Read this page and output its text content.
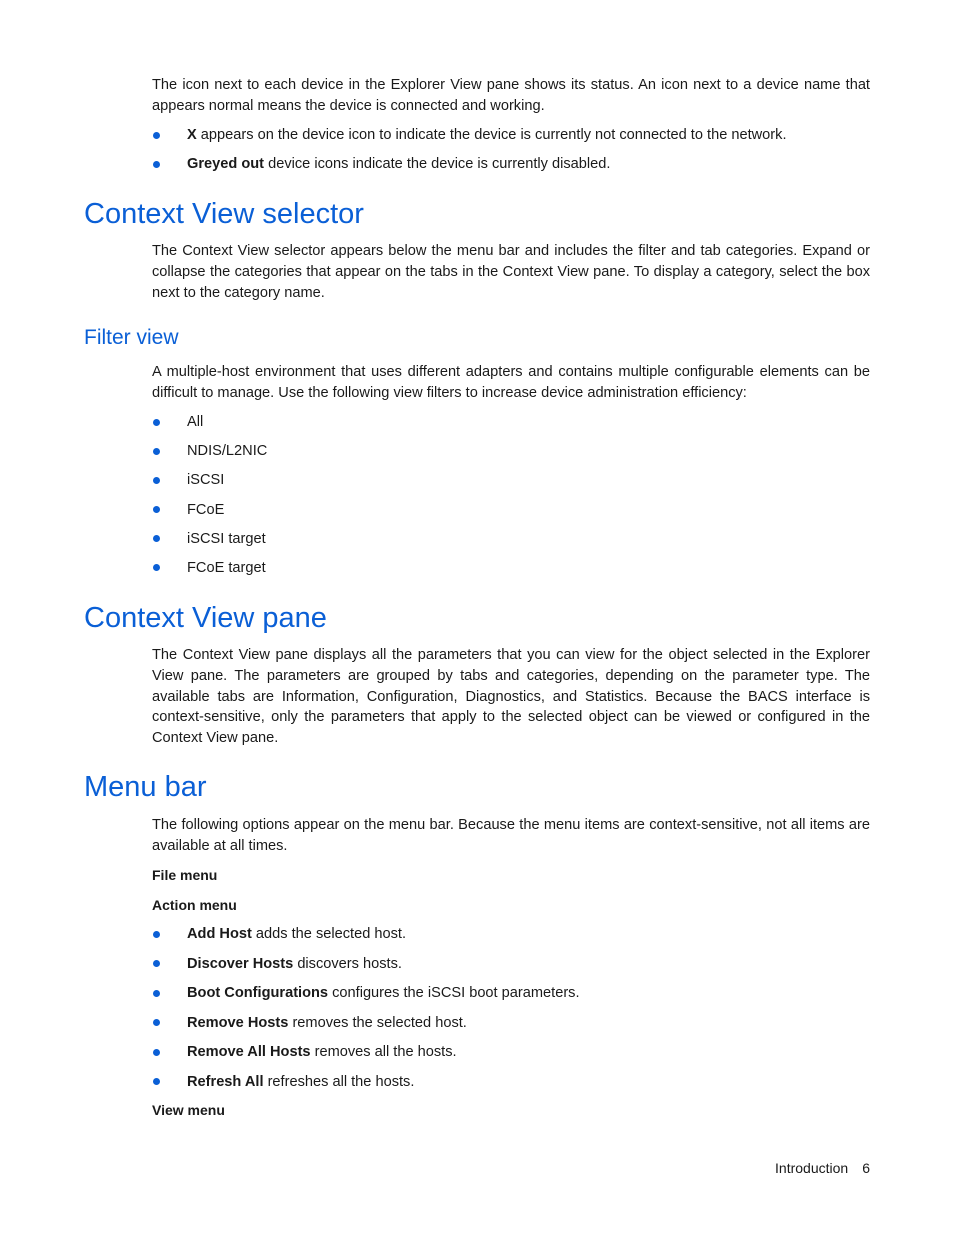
The icon next to each device in the Explorer View pane shows its status. An icon next to a device name that appears normal means the device is connected and working.

X appears on the device icon to indicate the device is currently not connected to the network.
Greyed out device icons indicate the device is currently disabled.
Context View selector

The Context View selector appears below the menu bar and includes the filter and tab categories. Expand or collapse the categories that appear on the tabs in the Context View pane. To display a category, select the box next to the category name.

Filter view

A multiple-host environment that uses different adapters and contains multiple configurable elements can be difficult to manage. Use the following view filters to increase device administration efficiency:

All
NDIS/L2NIC
iSCSI
FCoE
iSCSI target
FCoE target
Context View pane

The Context View pane displays all the parameters that you can view for the object selected in the Explorer View pane. The parameters are grouped by tabs and categories, depending on the parameter type. The available tabs are Information, Configuration, Diagnostics, and Statistics. Because the BACS interface is context-sensitive, only the parameters that apply to the selected object can be viewed or configured in the Context View pane.

Menu bar

The following options appear on the menu bar. Because the menu items are context-sensitive, not all items are available at all times.

File menu
Action menu
Add Host adds the selected host.
Discover Hosts discovers hosts.
Boot Configurations configures the iSCSI boot parameters.
Remove Hosts removes the selected host.
Remove All Hosts removes all the hosts.
Refresh All refreshes all the hosts.
View menu
Introduction 6
